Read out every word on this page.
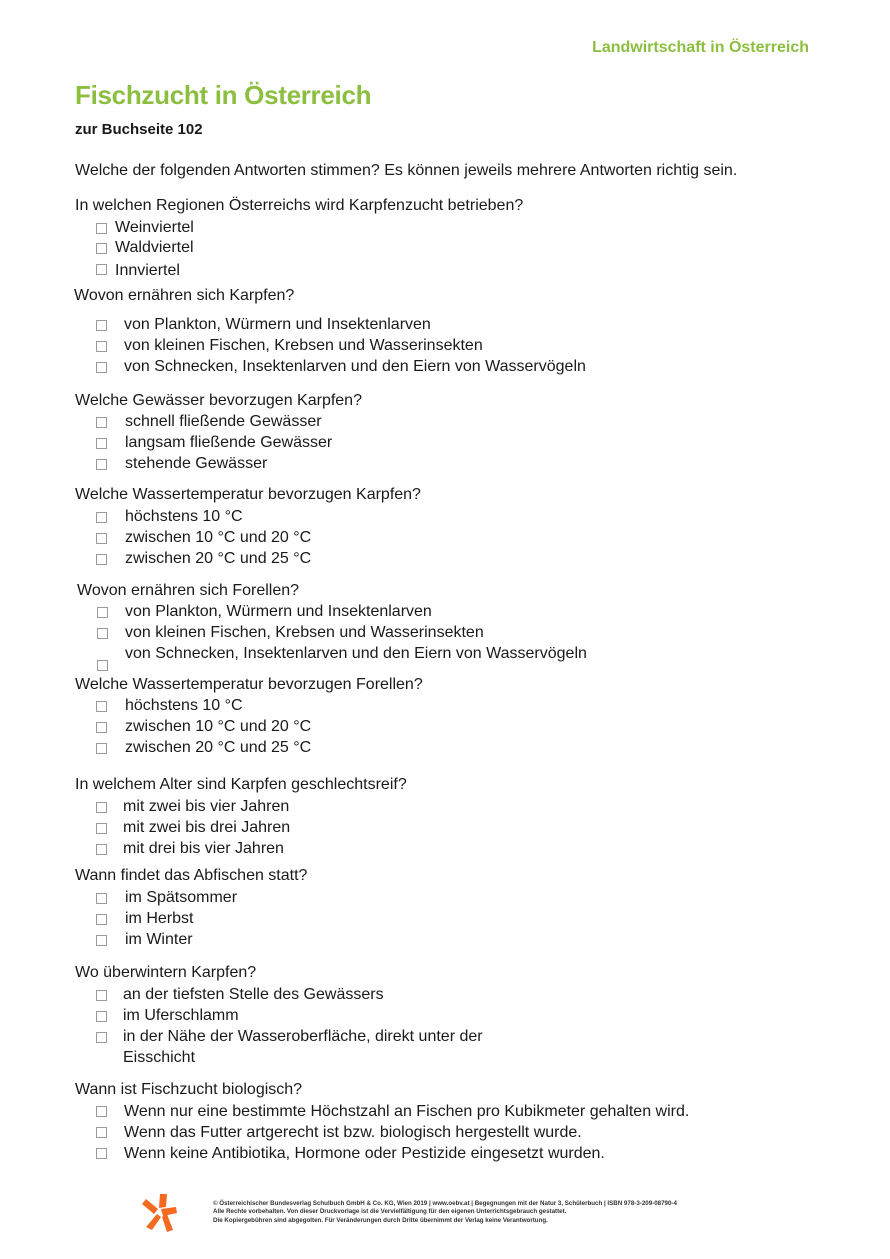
Landwirtschaft in Österreich
Fischzucht in Österreich
zur Buchseite 102
Welche der folgenden Antworten stimmen? Es können jeweils mehrere Antworten richtig sein.
In welchen Regionen Österreichs wird Karpfenzucht betrieben?
Weinviertel
Waldviertel
Innviertel
Wovon ernähren sich Karpfen?
von Plankton, Würmern und Insektenlarven
von kleinen Fischen, Krebsen und Wasserinsekten
von Schnecken, Insektenlarven und den Eiern von Wasservögeln
Welche Gewässer bevorzugen Karpfen?
schnell fließende Gewässer
langsam fließende Gewässer
stehende Gewässer
Welche Wassertemperatur bevorzugen Karpfen?
höchstens 10 °C
zwischen 10 °C und 20 °C
zwischen 20 °C und 25 °C
Wovon ernähren sich Forellen?
von Plankton, Würmern und Insektenlarven
von kleinen Fischen, Krebsen und Wasserinsekten
von Schnecken, Insektenlarven und den Eiern von Wasservögeln
Welche Wassertemperatur bevorzugen Forellen?
höchstens 10 °C
zwischen 10 °C und 20 °C
zwischen 20 °C und 25 °C
In welchem Alter sind Karpfen geschlechtsreif?
mit zwei bis vier Jahren
mit zwei bis drei Jahren
mit drei bis vier Jahren
Wann findet das Abfischen statt?
im Spätsommer
im Herbst
im Winter
Wo überwintern Karpfen?
an der tiefsten Stelle des Gewässers
im Uferschlamm
in der Nähe der Wasseroberfläche, direkt unter der
Eisschicht
Wann ist Fischzucht biologisch?
Wenn nur eine bestimmte Höchstzahl an Fischen pro Kubikmeter gehalten wird.
Wenn das Futter artgerecht ist bzw. biologisch hergestellt wurde.
Wenn keine Antibiotika, Hormone oder Pestizide eingesetzt wurden.
© Österreichischer Bundesverlag Schulbuch GmbH & Co. KG, Wien 2019 | www.oebv.at | Begegnungen mit der Natur 3, Schülerbuch | ISBN 978-3-209-08790-4
Alle Rechte vorbehalten. Von dieser Druckvorlage ist die Vervielfältigung für den eigenen Unterrichtsgebrauch gestattet.
Die Kopiergebühren sind abgegolten. Für Veränderungen durch Dritte übernimmt der Verlag keine Verantwortung.
